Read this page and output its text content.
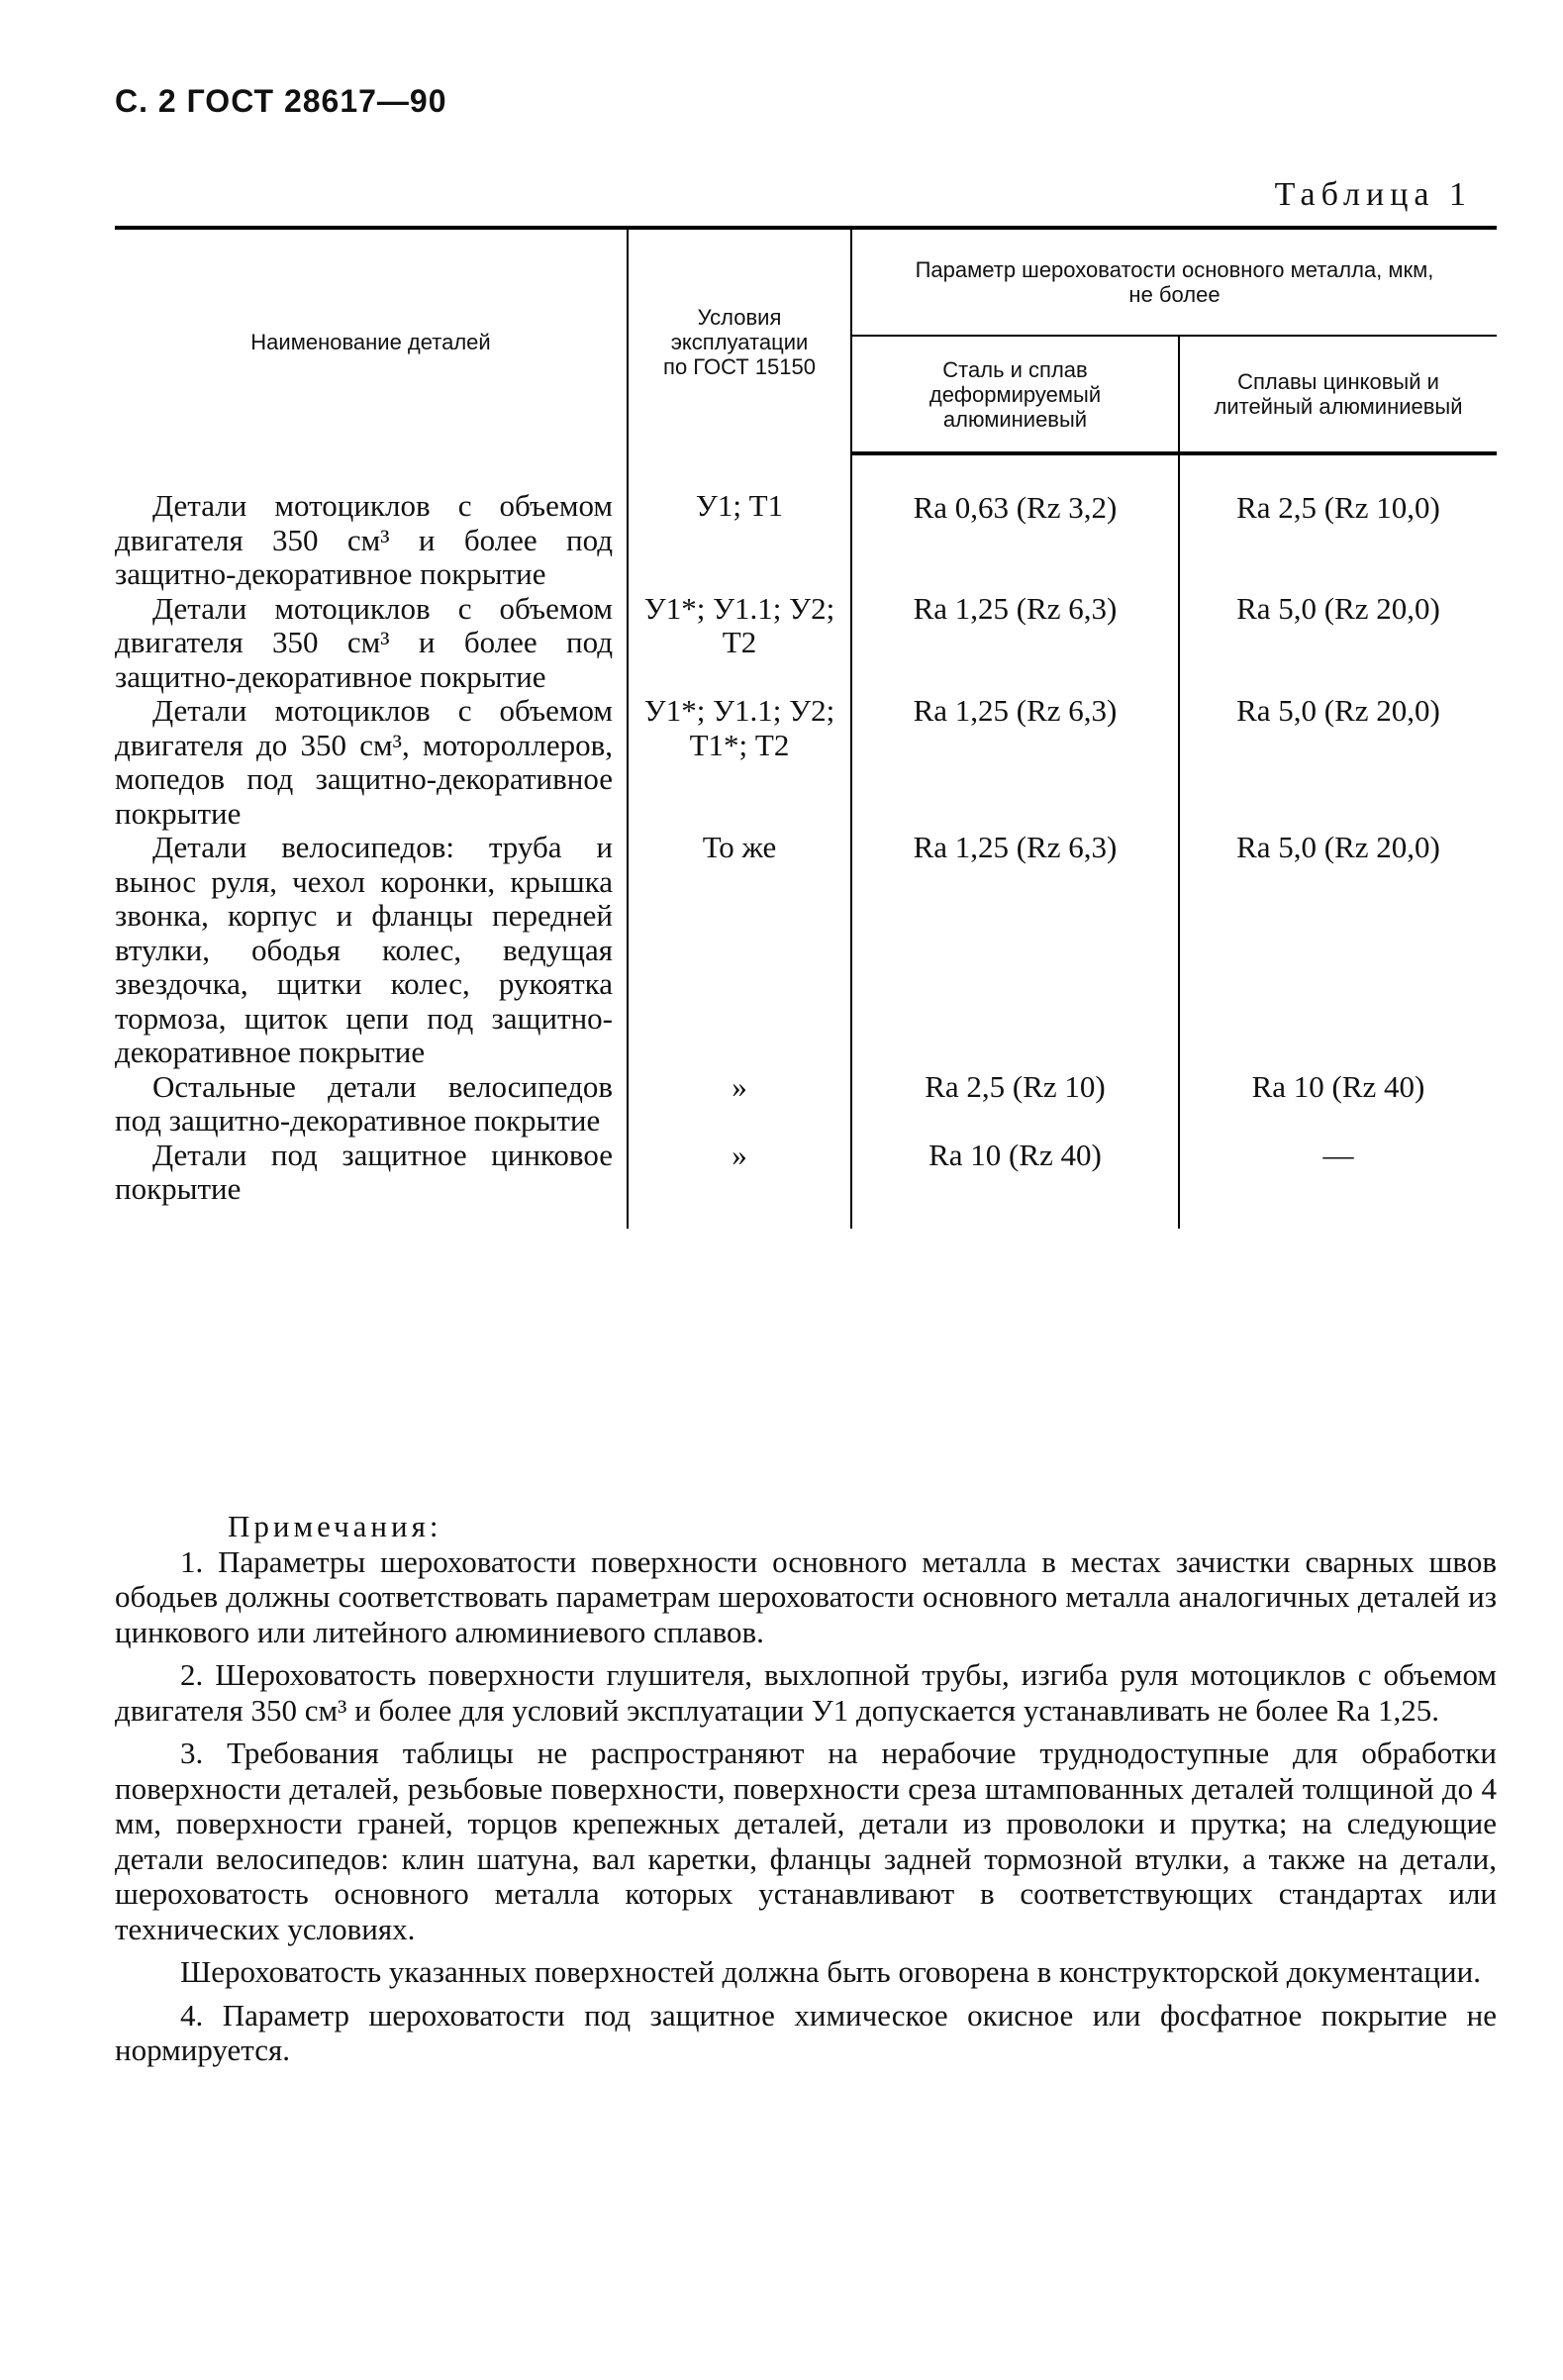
С. 2 ГОСТ 28617—90
Таблица 1
Наименование деталей	Условия эксплуатации по ГОСТ 15150	Параметр шероховатости основного металла, мкм, не более	
		Сталь и сплав деформируемый алюминиевый	Сплавы цинковый и литейный алюминиевый
Детали мотоциклов с объемом двигателя 350 см³ и более под защитно-декоративное покрытие	У1; Т1	Ra 0,63 (Rz 3,2)	Ra 2,5 (Rz 10,0)
Детали мотоциклов с объемом двигателя 350 см³ и более под защитно-декоративное покрытие	У1*; У1.1; У2; Т2	Ra 1,25 (Rz 6,3)	Ra 5,0 (Rz 20,0)
Детали мотоциклов с объемом двигателя до 350 см³, мотороллеров, мопедов под защитно-декоративное покрытие	У1*; У1.1; У2; Т1*; Т2	Ra 1,25 (Rz 6,3)	Ra 5,0 (Rz 20,0)
Детали велосипедов: труба и вынос руля, чехол коронки, крышка звонка, корпус и фланцы передней втулки, ободья колес, ведущая звездочка, щитки колес, рукоятка тормоза, щиток цепи под защитно-декоративное покрытие	То же	Ra 1,25 (Rz 6,3)	Ra 5,0 (Rz 20,0)
Остальные детали велосипедов под защитно-декоративное покрытие	»	Ra 2,5 (Rz 10)	Ra 10 (Rz 40)
Детали под защитное цинковое покрытие	»	Ra 10 (Rz 40)	—
Примечания:

1. Параметры шероховатости поверхности основного металла в местах зачистки сварных швов ободьев должны соответствовать параметрам шероховатости основного металла аналогичных деталей из цинкового или литейного алюминиевого сплавов.

2. Шероховатость поверхности глушителя, выхлопной трубы, изгиба руля мотоциклов с объемом двигателя 350 см³ и более для условий эксплуатации У1 допускается устанавливать не более Ra 1,25.

3. Требования таблицы не распространяют на нерабочие труднодоступные для обработки поверхности деталей, резьбовые поверхности, поверхности среза штампованных деталей толщиной до 4 мм, поверхности граней, торцов крепежных деталей, детали из проволоки и прутка; на следующие детали велосипедов: клин шатуна, вал каретки, фланцы задней тормозной втулки, а также на детали, шероховатость основного металла которых устанавливают в соответствующих стандартах или технических условиях.

Шероховатость указанных поверхностей должна быть оговорена в конструкторской документации.

4. Параметр шероховатости под защитное химическое окисное или фосфатное покрытие не нормируется.
